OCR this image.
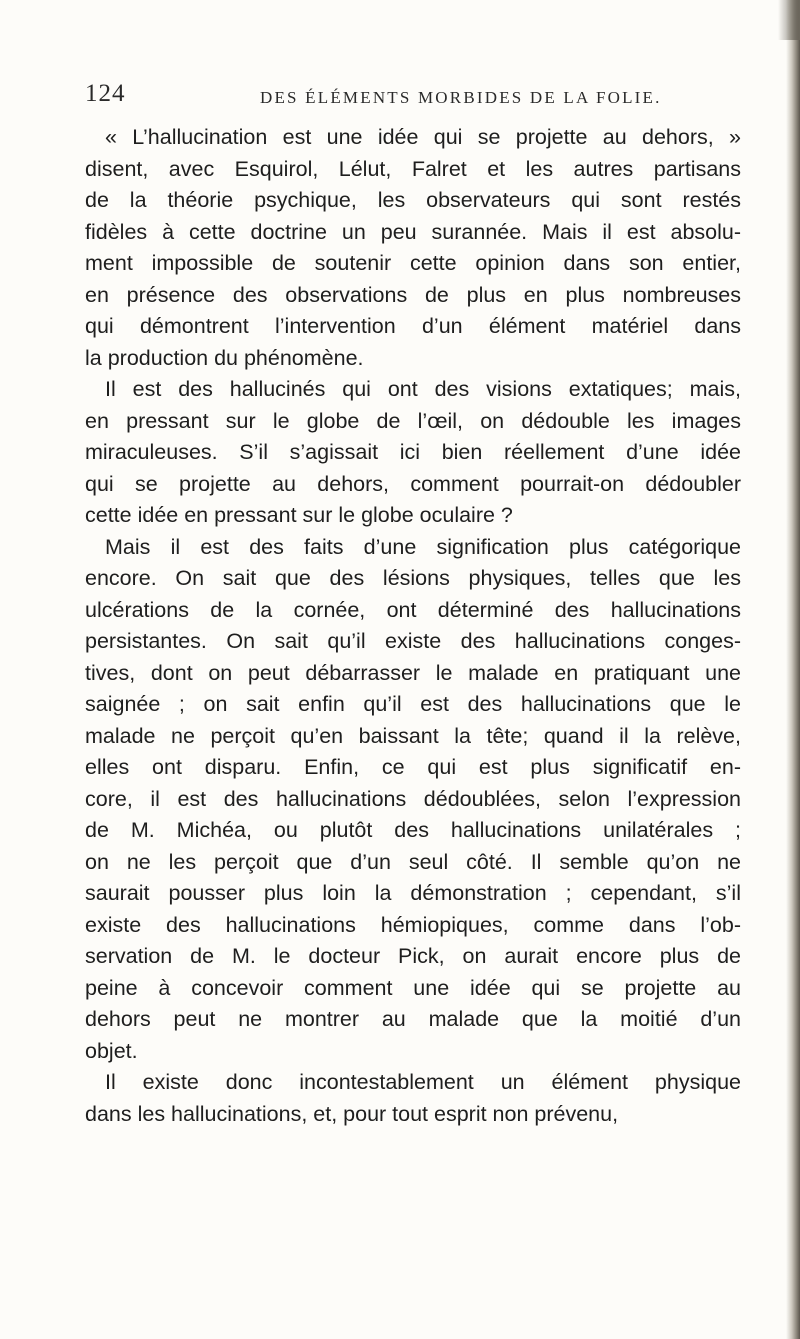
124	DES ÉLÉMENTS MORBIDES DE LA FOLIE.

« L’hallucination est une idée qui se projette au dehors, »
disent, avec Esquirol, Lélut, Falret et les autres partisans
de la théorie psychique, les observateurs qui sont restés
fidèles à cette doctrine un peu surannée. Mais il est absolu-
ment impossible de soutenir cette opinion dans son entier,
en présence des observations de plus en plus nombreuses
qui démontrent l’intervention d’un élément matériel dans
la production du phénomène.

Il est des hallucinés qui ont des visions extatiques; mais,
en pressant sur le globe de l’œil, on dédouble les images
miraculeuses. S’il s’agissait ici bien réellement d’une idée
qui se projette au dehors, comment pourrait-on dédoubler
cette idée en pressant sur le globe oculaire ?

Mais il est des faits d’une signification plus catégorique
encore. On sait que des lésions physiques, telles que les
ulcérations de la cornée, ont déterminé des hallucinations
persistantes. On sait qu’il existe des hallucinations conges-
tives, dont on peut débarrasser le malade en pratiquant une
saignée ; on sait enfin qu’il est des hallucinations que le
malade ne perçoit qu’en baissant la tête; quand il la relève,
elles ont disparu. Enfin, ce qui est plus significatif en-
core, il est des hallucinations dédoublées, selon l’expression
de M. Michéa, ou plutôt des hallucinations unilatérales ;
on ne les perçoit que d’un seul côté. Il semble qu’on ne
saurait pousser plus loin la démonstration ; cependant, s’il
existe des hallucinations hémiopiques, comme dans l’ob-
servation de M. le docteur Pick, on aurait encore plus de
peine à concevoir comment une idée qui se projette au
dehors peut ne montrer au malade que la moitié d’un
objet.

Il existe donc incontestablement un élément physique
dans les hallucinations, et, pour tout esprit non prévenu,
